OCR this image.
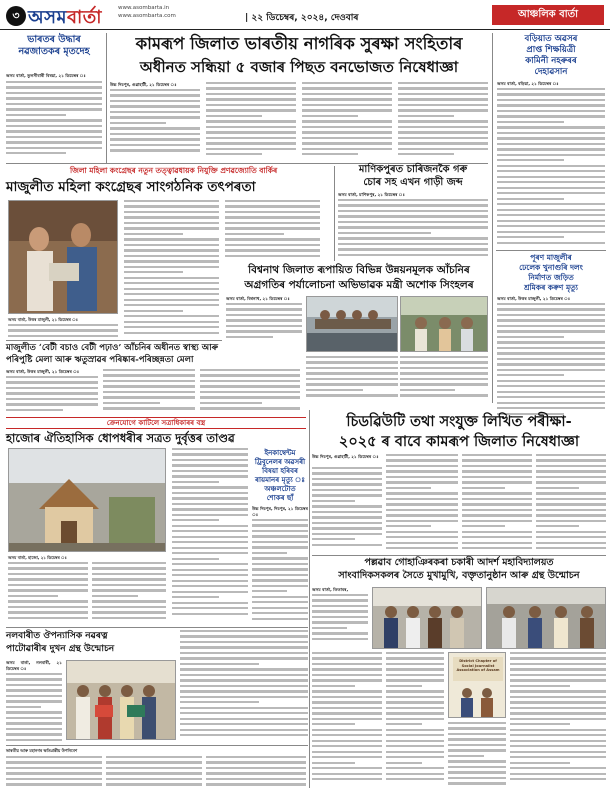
৩ অসমবাৰ্তা	www.asombarta.in
www.asombarta.com	| ২২ ডিচেম্বৰ, ২০২৪, দেওবাৰ	আঞ্চলিক বাৰ্তা
ভাৰতৰ উদ্ধাৰ নৱজাতকৰ মৃতদেহ
অসম বাৰ্তা, তুলসীবাৰী বিষয়া, ২১ ডিচেম্বৰ ঃ
কামৰূপ জিলাত ভাৰতীয় নাগৰিক সুৰক্ষা সংহিতাৰ
অধীনত সন্ধিয়া ৫ বজাৰ পিছত বনভোজত নিষেধাজ্ঞা
উচ্চ দিচপুৰ, গুৱাহাটী, ২১ ডিচেম্বৰ ঃ
বড়িয়াত অৱসৰ
প্ৰাপ্ত শিক্ষয়িত্ৰী
কামিনী নহৰুৰৰ
দেহাৱসান
অসম বাৰ্তা, বড়িয়া, ২১ ডিচেম্বৰ ঃ
পূৰণ মাজুলীৰ
ঢেলেক খুনাগুৰি দলং
নিৰ্মাণত জড়িত
শ্ৰমিকৰ কৰুণ মৃত্যু
অসম বাৰ্তা, উত্তৰ মাজুলী, ২১ ডিচেম্বৰ ঃ
জিলা মহিলা কংগ্ৰেছৰ নতুন তত্ত্বাৱধায়ক নিযুক্তি প্ৰণৱজ্যোতি বাৰ্কিৰ
মাজুলীত মহিলা কংগ্ৰেছৰ সাংগঠনিক তৎপৰতা
অসম বাৰ্তা, উত্তৰ মাজুলী, ২১ ডিচেম্বৰ ঃ
মাণিকপুৰত চাৰিজনকৈ গৰু
চোৰ সহ এখন গাড়ী জব্দ
অসম বাৰ্তা, মাণিকপুৰ, ২১ ডিচেম্বৰ ঃ
বিশ্বনাথ জিলাত ৰূপায়িত বিভিন্ন উন্নয়নমূলক আঁচনিৰ
অগ্ৰগতিৰ পৰ্যালোচনা অভিভাৱক মন্ত্ৰী অশোক সিংহলৰ
অসম বাৰ্তা, বিশ্বনাথ, ২১ ডিচেম্বৰ ঃ
মাজুলীত ‘বেটী বচাও বেটী পঢ়াও’ আঁচনিৰ অধীনত স্বাস্থ্য আৰু
পৰিপুষ্টি মেলা আৰু ঋতুস্ৰাৱৰ পৰিষ্কাৰ-পৰিচ্ছন্নতা মেলা
অসম বাৰ্তা, উত্তৰ মাজুলী, ২১ ডিচেম্বৰ ঃ
ক্ৰেনযোগে কাটিলে সত্ৰাধিকাৰৰ বস্ত্ৰ
হাজোৰ ঐতিহাসিক ধোপধৰীৰ সত্ৰত দুৰ্বৃত্তৰ তাণ্ডৱ
অসম বাৰ্তা, হাজো, ২১ ডিচেম্বৰ ঃ
ইনকাম্বেন্টম
ট্ৰিবুনেলৰ অৱসৰী
বিষয়া হৰিবৰ
ৰায়মানৰ মৃত্যু ঃ
অঞ্চলটোত
শোকৰ ছাঁ
উচ্চ দিচপুৰ, দিচপুৰ, ২১ ডিচেম্বৰ ঃ
চিডৱিউটি তথা সংযুক্ত লিখিত পৰীক্ষা-
২০২৫ ৰ বাবে কামৰূপ জিলাত নিষেধাজ্ঞা
উচ্চ দিচপুৰ, গুৱাহাটী, ২১ ডিচেম্বৰ ঃ
পল্লৱাব গোহাঞিৰকৰা চকাৰী আদৰ্শ মহাবিদ্যালয়ত
সাংবাদিকসকলৰ সৈতে মুখামুখি, বক্তৃতানুষ্ঠান আৰু গ্ৰন্থ উন্মোচন
অসম বাৰ্তা, তিতাবৰ,
District Chapter of Social Journalist Association of Assam
নলবাৰীত ঔপন্যাসিক নৱৰত্ন
পাটোৱাৰীৰ দুখন গ্ৰন্থ উন্মোচন
অসম বাৰ্তা, নলবাৰী, ২১ ডিচেম্বৰ ঃ
ভাৰতীয় আৰু মহানগৰ ক্ষতিগ্ৰস্তীয় উপনিবেশ
